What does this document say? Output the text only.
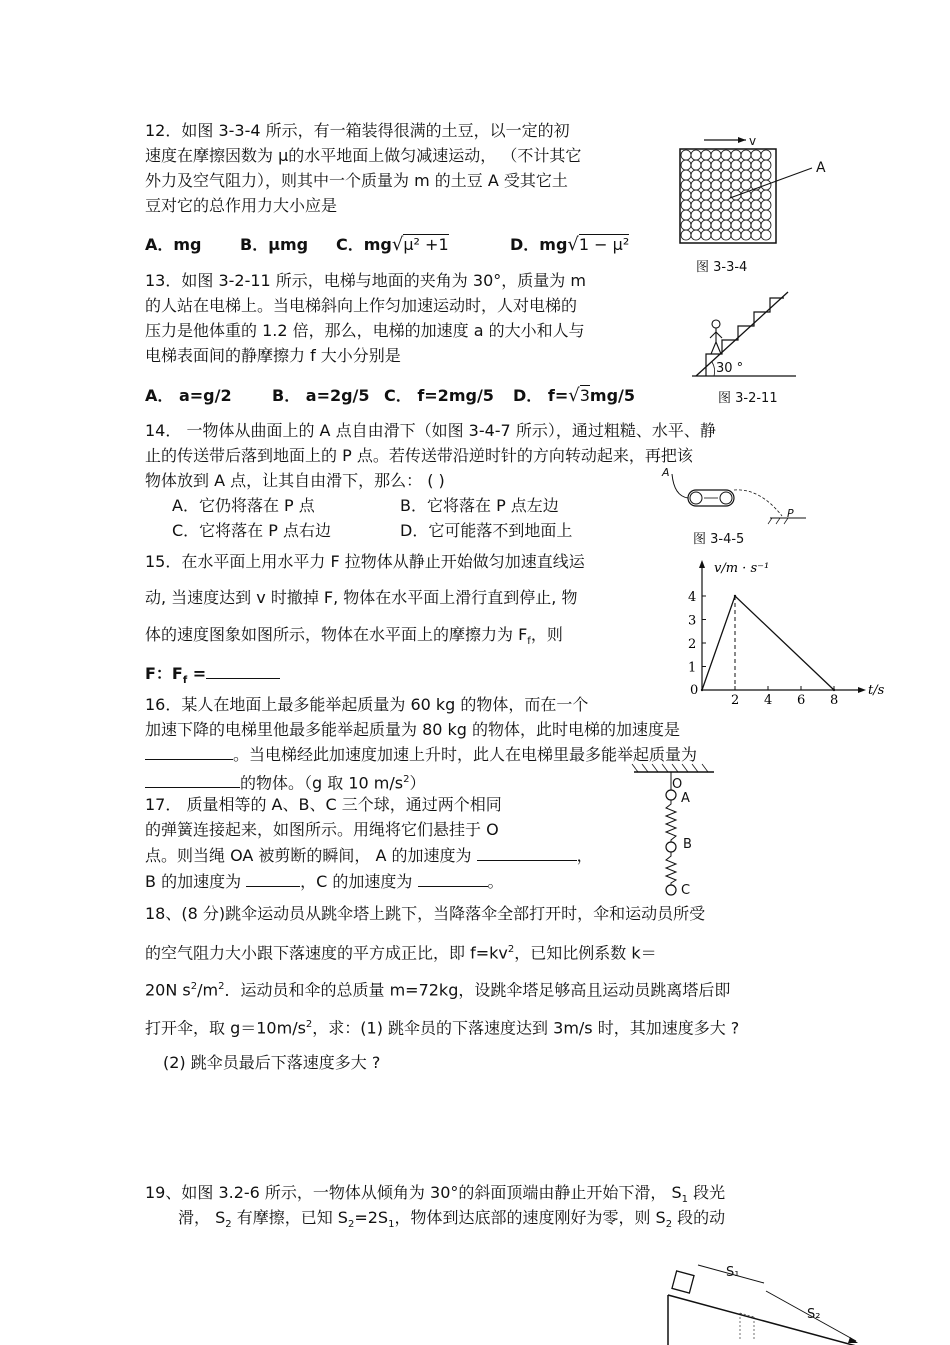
12．如图 3-3-4 所示，有一箱装得很满的土豆，以一定的初
速度在摩擦因数为 μ的水平地面上做匀减速运动， （不计其它
外力及空气阻力），则其中一个质量为 m 的土豆 A 受其它土
豆对它的总作用力大小应是
A．mg B．μmg C．mg√μ² +1	D．mg√1 − μ²
v
A
图 3-3-4
13．如图 3-2-11 所示，电梯与地面的夹角为 30°，质量为 m
的人站在电梯上。当电梯斜向上作匀加速运动时，人对电梯的
压力是他体重的 1.2 倍，那么，电梯的加速度 a 的大小和人与
电梯表面间的静摩擦力 f 大小分别是
A． a=g/2	B． a=2g/5 C． f=2mg/5 D． f=√3mg/5
30 °
图 3-2-11
14． 一物体从曲面上的 A 点自由滑下（如图 3-4-7 所示），通过粗糙、水平、静
止的传送带后落到地面上的 P 点。若传送带沿逆时针的方向转动起来，再把该
物体放到 A 点，让其自由滑下，那么： ( )
A．它仍将落在 P 点	B．它将落在 P 点左边
C．它将落在 P 点右边	D．它可能落不到地面上
A
P
图 3-4-5
15．在水平面上用水平力 F 拉物体从静止开始做匀加速直线运
动, 当速度达到 v 时撤掉 F, 物体在水平面上滑行直到停止, 物
体的速度图象如图所示，物体在水平面上的摩擦力为 $F_f$，则
F：$F_f$ =
2 4 6 8
1
2
3
4
v/m · s⁻¹
t/s
0
16．某人在地面上最多能举起质量为 60 kg 的物体，而在一个
加速下降的电梯里他最多能举起质量为 80 kg 的物体，此时电梯的加速度是
。当电梯经此加速度加速上升时，此人在电梯里最多能举起质量为
的物体。（g 取 10 $m/s^2$）
17． 质量相等的 A、B、C 三个球，通过两个相同
的弹簧连接起来，如图所示。用绳将它们悬挂于 O
点。则当绳 OA 被剪断的瞬间， A 的加速度为	，
B 的加速度为	，C 的加速度为	。
O
A
B
C
18、(8 分)跳伞运动员从跳伞塔上跳下，当降落伞全部打开时，伞和运动员所受
的空气阻力大小跟下落速度的平方成正比，即 $f=kv^2$，已知比例系数 k＝
20N $s^2/m^2$．运动员和伞的总质量 m=72kg，设跳伞塔足够高且运动员跳离塔后即
打开伞，取 $g=10m/s^2$，求：(1) 跳伞员的下落速度达到 3m/s 时，其加速度多大 ?
(2) 跳伞员最后下落速度多大 ?
19、如图 3.2-6 所示，一物体从倾角为 30°的斜面顶端由静止开始下滑， $S_1$ 段光
滑， $S_2$ 有摩擦，已知 $S_2=2S_1$，物体到达底部的速度刚好为零，则 $S_2$ 段的动
S₁
S₂
